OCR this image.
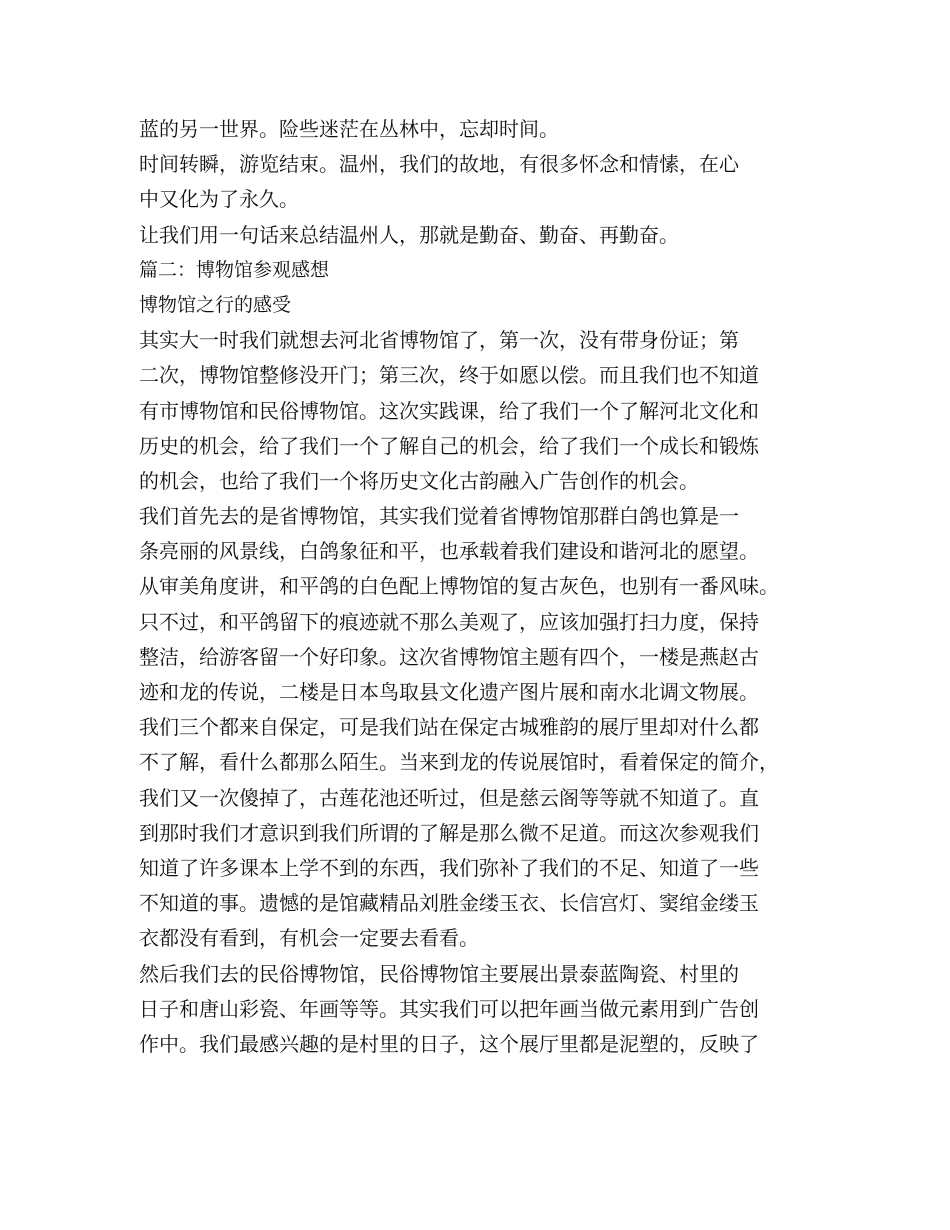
蓝的另一世界。险些迷茫在丛林中，忘却时间。
时间转瞬，游览结束。温州，我们的故地，有很多怀念和情愫，在心
中又化为了永久。
让我们用一句话来总结温州人，那就是勤奋、勤奋、再勤奋。
篇二：博物馆参观感想
博物馆之行的感受
其实大一时我们就想去河北省博物馆了，第一次，没有带身份证；第
二次，博物馆整修没开门；第三次，终于如愿以偿。而且我们也不知道
有市博物馆和民俗博物馆。这次实践课，给了我们一个了解河北文化和
历史的机会，给了我们一个了解自己的机会，给了我们一个成长和锻炼
的机会，也给了我们一个将历史文化古韵融入广告创作的机会。
我们首先去的是省博物馆，其实我们觉着省博物馆那群白鸽也算是一
条亮丽的风景线，白鸽象征和平，也承载着我们建设和谐河北的愿望。
从审美角度讲，和平鸽的白色配上博物馆的复古灰色，也别有一番风味。
只不过，和平鸽留下的痕迹就不那么美观了，应该加强打扫力度，保持
整洁，给游客留一个好印象。这次省博物馆主题有四个，一楼是燕赵古
迹和龙的传说，二楼是日本鸟取县文化遗产图片展和南水北调文物展。
我们三个都来自保定，可是我们站在保定古城雅韵的展厅里却对什么都
不了解，看什么都那么陌生。当来到龙的传说展馆时，看着保定的简介，
我们又一次傻掉了，古莲花池还听过，但是慈云阁等等就不知道了。直
到那时我们才意识到我们所谓的了解是那么微不足道。而这次参观我们
知道了许多课本上学不到的东西，我们弥补了我们的不足、知道了一些
不知道的事。遗憾的是馆藏精品刘胜金缕玉衣、长信宫灯、窦绾金缕玉
衣都没有看到，有机会一定要去看看。
然后我们去的民俗博物馆，民俗博物馆主要展出景泰蓝陶瓷、村里的
日子和唐山彩瓷、年画等等。其实我们可以把年画当做元素用到广告创
作中。我们最感兴趣的是村里的日子，这个展厅里都是泥塑的，反映了
